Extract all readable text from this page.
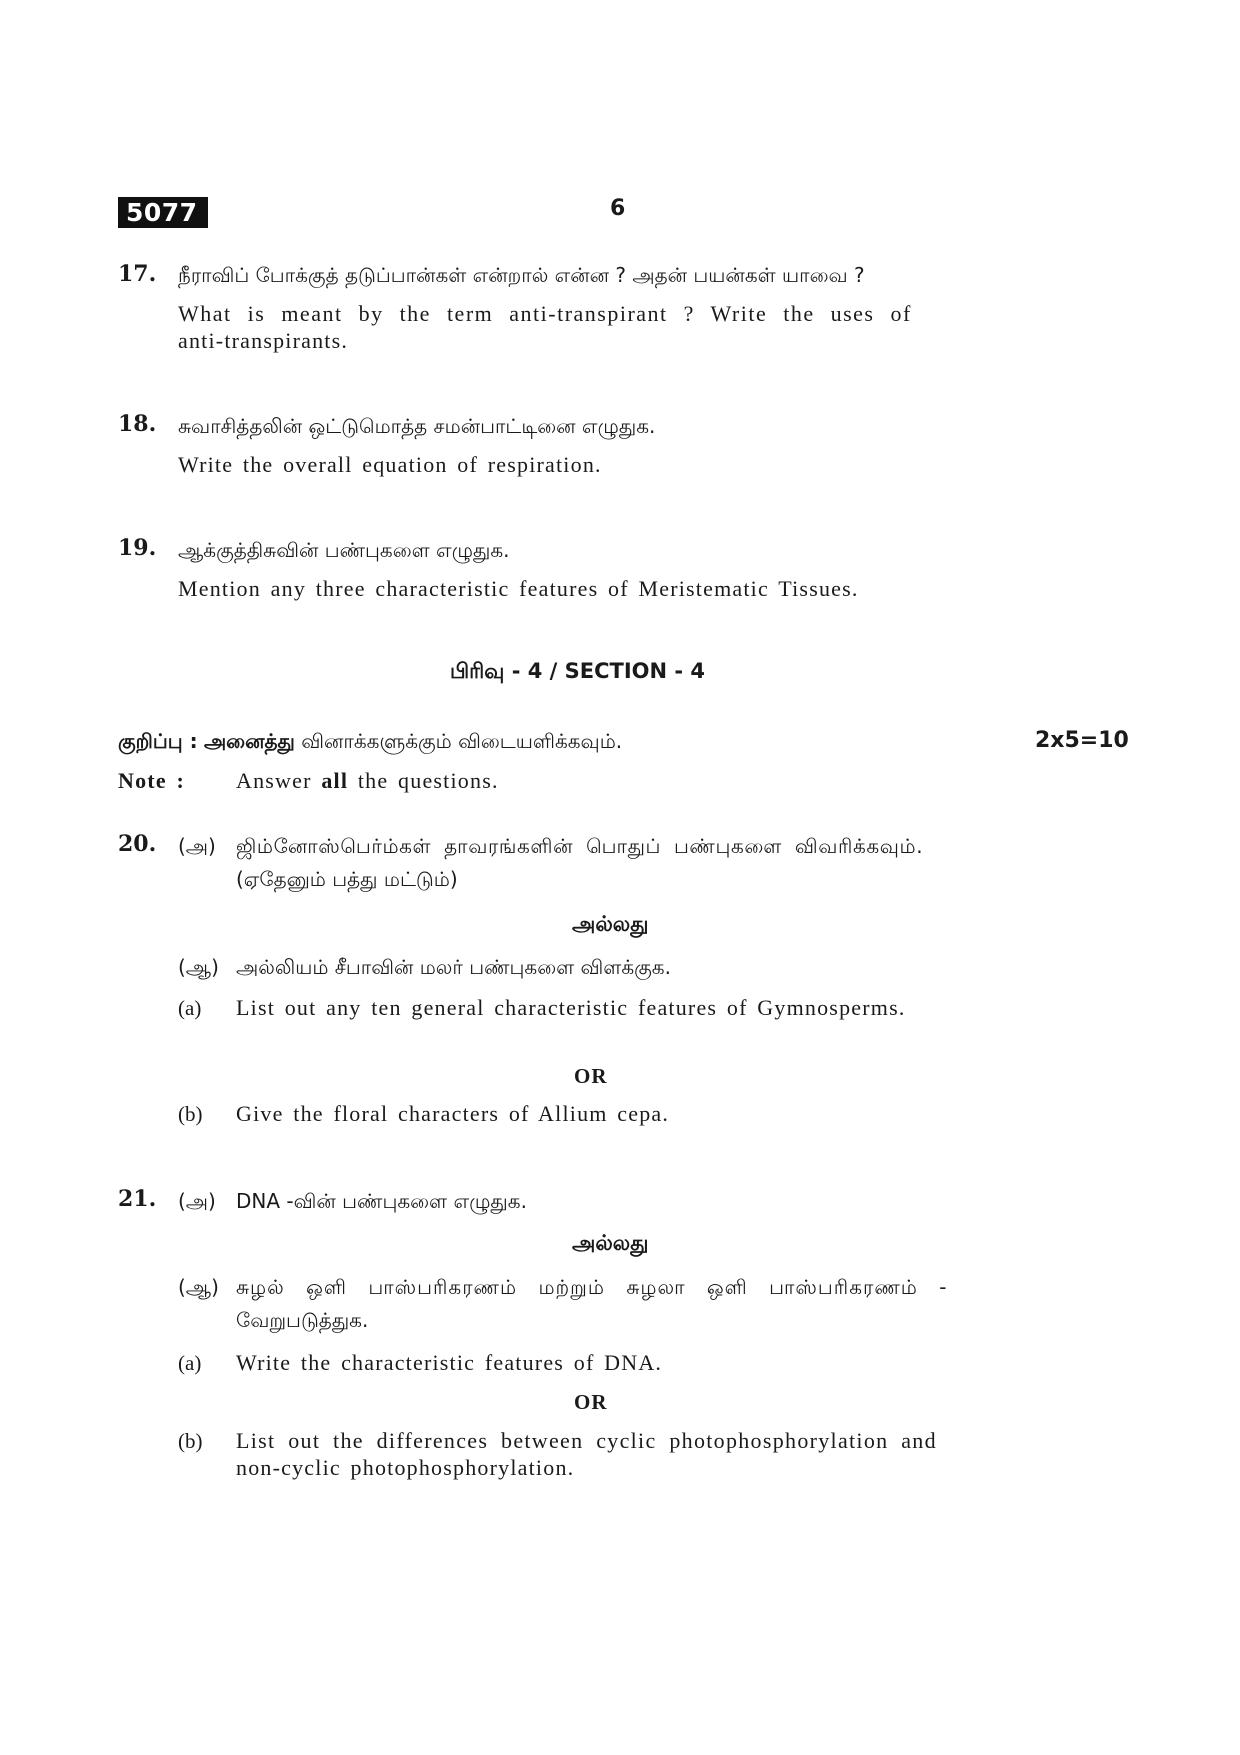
5077	6
17. நீராவிப் போக்குத் தடுப்பான்கள் என்றால் என்ன ? அதன் பயன்கள் யாவை ?
What is meant by the term anti-transpirant ? Write the uses of
anti-transpirants.
18. சுவாசித்தலின் ஒட்டுமொத்த சமன்பாட்டினை எழுதுக.
Write the overall equation of respiration.
19. ஆக்குத்திசுவின் பண்புகளை எழுதுக.
Mention any three characteristic features of Meristematic Tissues.
பிரிவு - 4 / SECTION - 4
குறிப்பு : அனைத்து வினாக்களுக்கும் விடையளிக்கவும்.	2x5=10
Note : Answer all the questions.
20. (அ) ஜிம்னோஸ்பெர்ம்கள் தாவரங்களின் பொதுப் பண்புகளை விவரிக்கவும்.
(ஏதேனும் பத்து மட்டும்)
அல்லது
(ஆ) அல்லியம் சீபாவின் மலர் பண்புகளை விளக்குக.
(a) List out any ten general characteristic features of Gymnosperms.
OR
(b) Give the floral characters of Allium cepa.
21. (அ) DNA -வின் பண்புகளை எழுதுக.
அல்லது
(ஆ) சுழல் ஒளி பாஸ்பரிகரணம் மற்றும் சுழலா ஒளி பாஸ்பரிகரணம் -
வேறுபடுத்துக.
(a) Write the characteristic features of DNA.
OR
(b) List out the differences between cyclic photophosphorylation and
non-cyclic photophosphorylation.
